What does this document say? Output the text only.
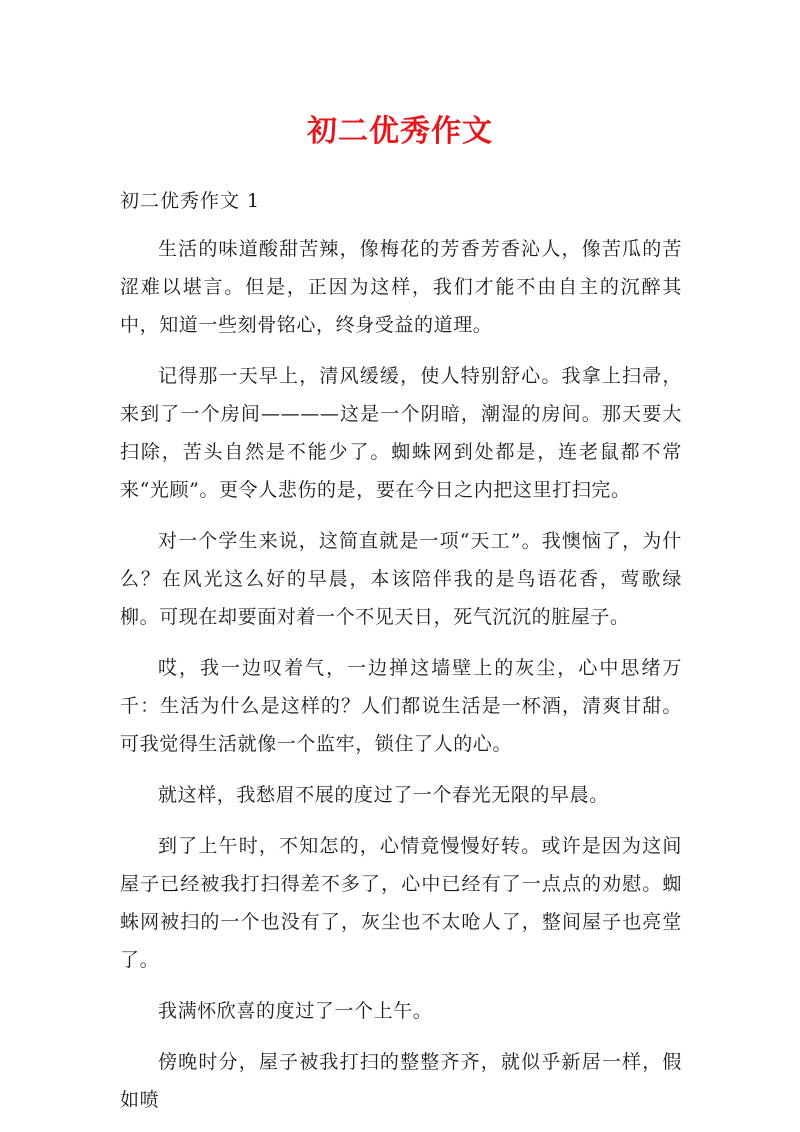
初二优秀作文

初二优秀作文 1

生活的味道酸甜苦辣，像梅花的芳香芳香沁人，像苦瓜的苦涩难以堪言。但是，正因为这样，我们才能不由自主的沉醉其中，知道一些刻骨铭心，终身受益的道理。

记得那一天早上，清风缓缓，使人特别舒心。我拿上扫帚，来到了一个房间————这是一个阴暗，潮湿的房间。那天要大扫除，苦头自然是不能少了。蜘蛛网到处都是，连老鼠都不常来“光顾”。更令人悲伤的是，要在今日之内把这里打扫完。

对一个学生来说，这简直就是一项“天工”。我懊恼了，为什么？在风光这么好的早晨，本该陪伴我的是鸟语花香，莺歌绿柳。可现在却要面对着一个不见天日，死气沉沉的脏屋子。

哎，我一边叹着气，一边掸这墙壁上的灰尘，心中思绪万千：生活为什么是这样的？人们都说生活是一杯酒，清爽甘甜。可我觉得生活就像一个监牢，锁住了人的心。

就这样，我愁眉不展的度过了一个春光无限的早晨。

到了上午时，不知怎的，心情竟慢慢好转。或许是因为这间屋子已经被我打扫得差不多了，心中已经有了一点点的劝慰。蜘蛛网被扫的一个也没有了，灰尘也不太呛人了，整间屋子也亮堂了。

我满怀欣喜的度过了一个上午。

傍晚时分，屋子被我打扫的整整齐齐，就似乎新居一样，假如喷
